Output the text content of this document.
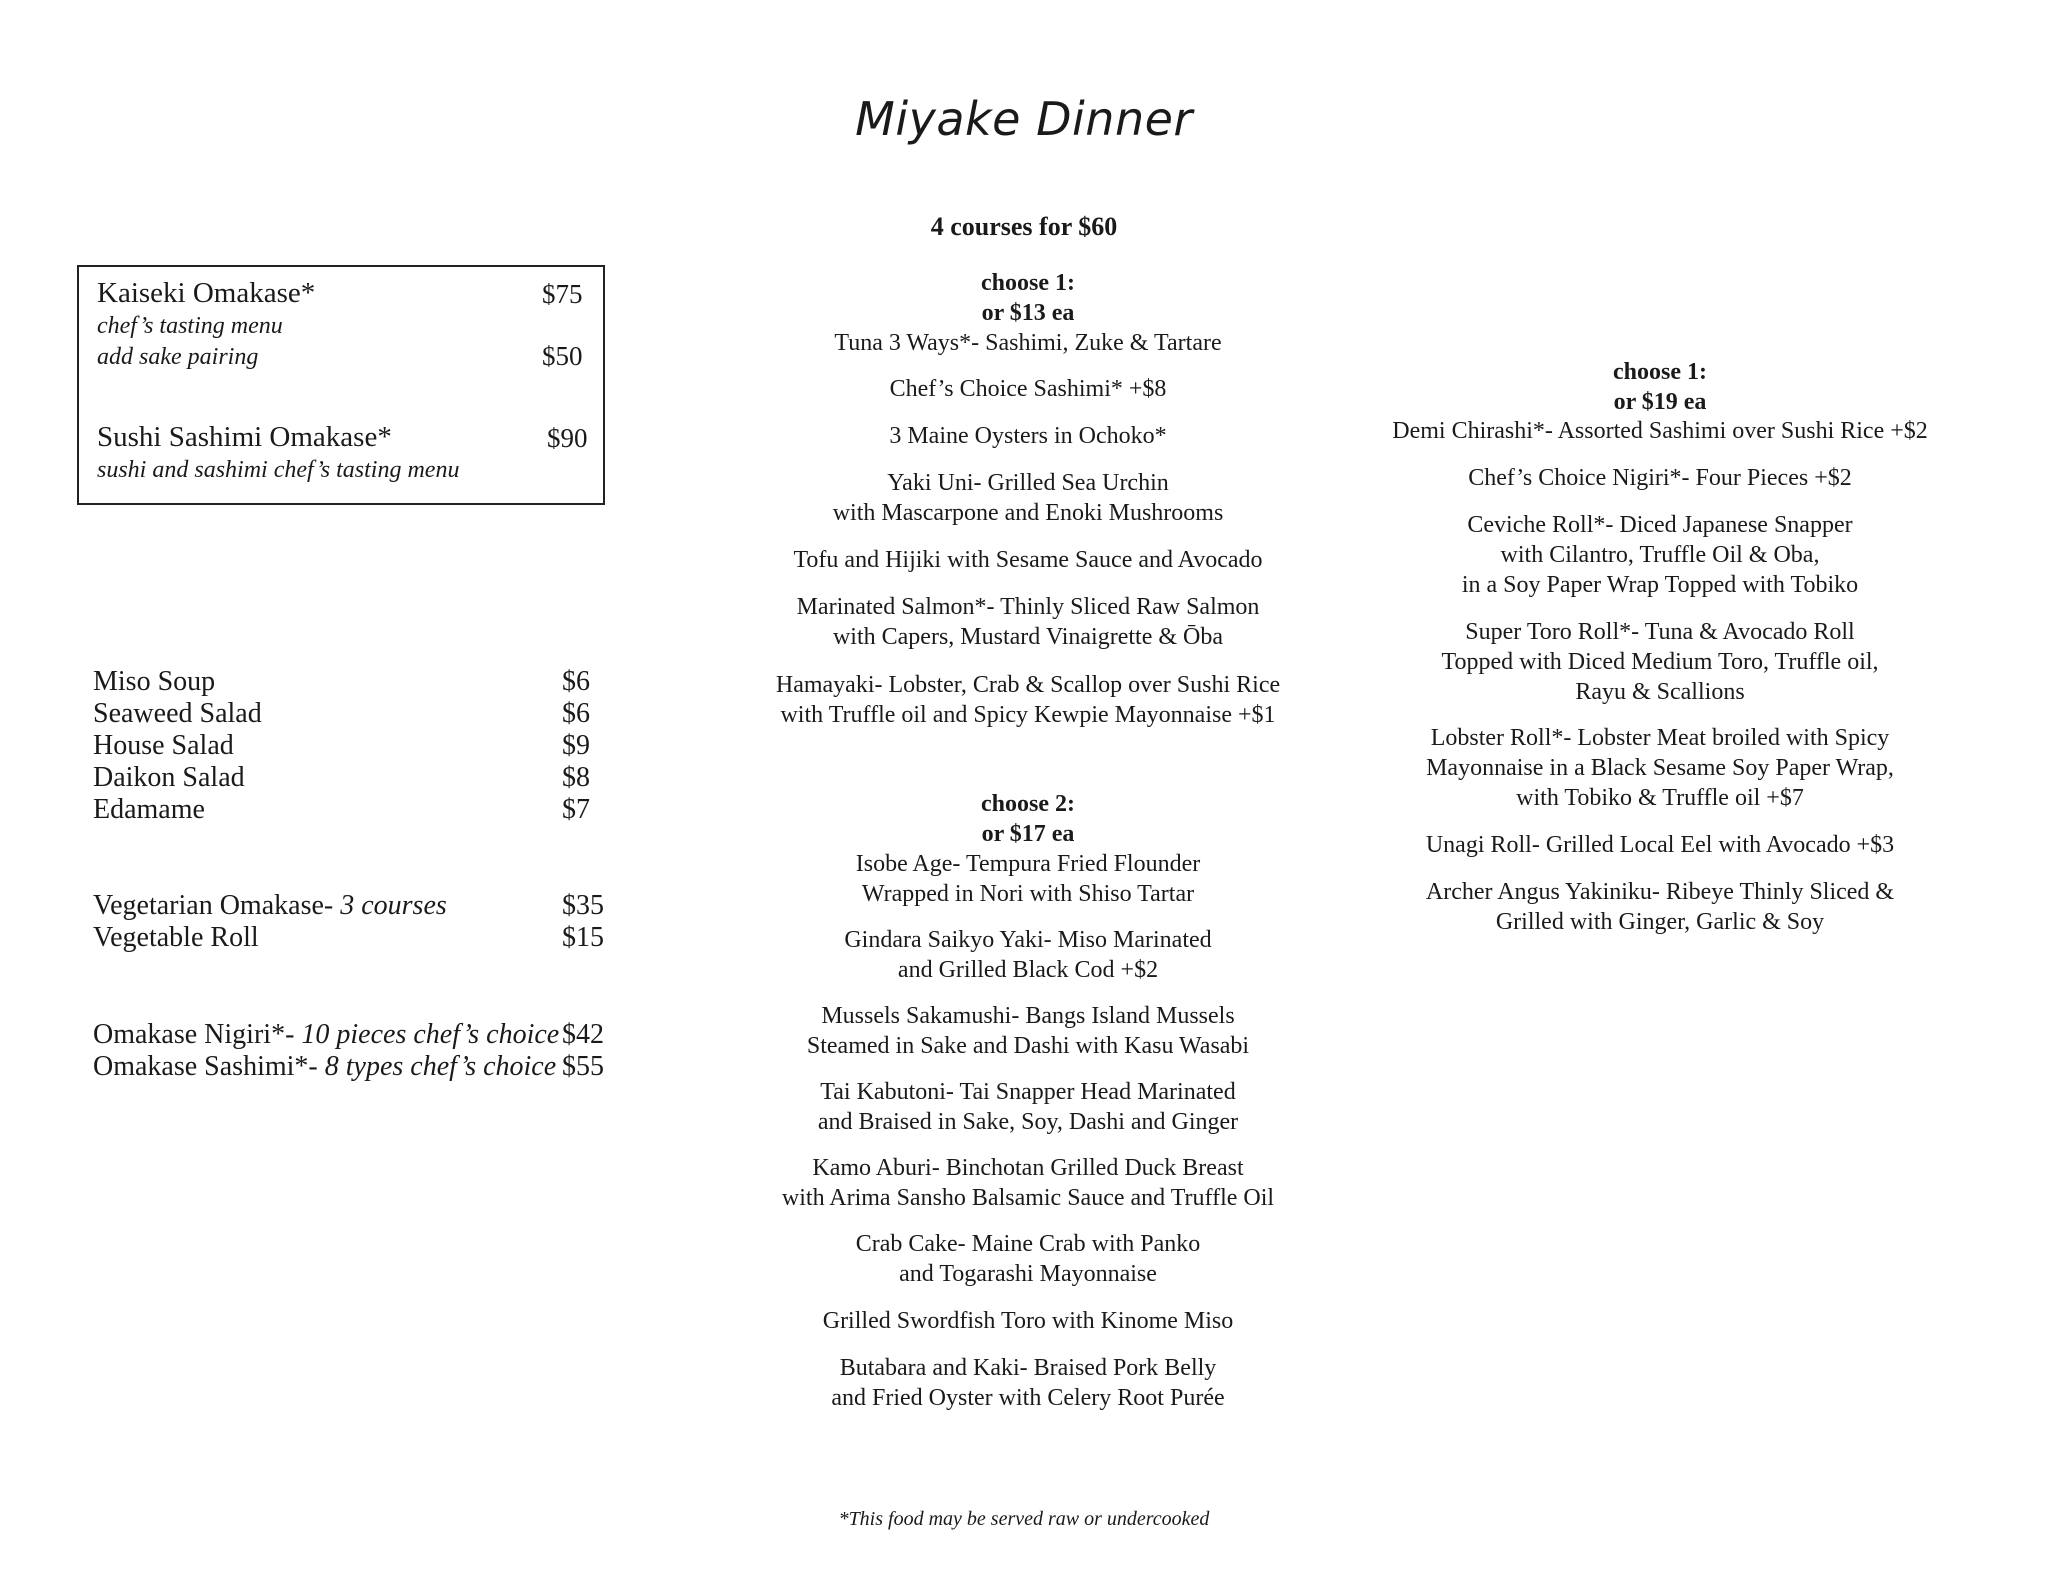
Miyake Dinner
4 courses for $60
Kaiseki Omakase*	$75
chef’s tasting menu
add sake pairing	$50
Sushi Sashimi Omakase*	$90
sushi and sashimi chef’s tasting menu
Miso Soup	$6
Seaweed Salad	$6
House Salad	$9
Daikon Salad	$8
Edamame	$7
Vegetarian Omakase- 3 courses	$35
Vegetable Roll	$15
Omakase Nigiri*- 10 pieces chef’s choice $42
Omakase Sashimi*- 8 types chef’s choice $55
choose 1:
or $13 ea
Tuna 3 Ways*- Sashimi, Zuke & Tartare
Chef’s Choice Sashimi* +$8
3 Maine Oysters in Ochoko*
Yaki Uni- Grilled Sea Urchin
with Mascarpone and Enoki Mushrooms
Tofu and Hijiki with Sesame Sauce and Avocado
Marinated Salmon*- Thinly Sliced Raw Salmon
with Capers, Mustard Vinaigrette & Ōba
Hamayaki- Lobster, Crab & Scallop over Sushi Rice
with Truffle oil and Spicy Kewpie Mayonnaise +$1
choose 2:
or $17 ea
Isobe Age- Tempura Fried Flounder
Wrapped in Nori with Shiso Tartar
Gindara Saikyo Yaki- Miso Marinated
and Grilled Black Cod +$2
Mussels Sakamushi- Bangs Island Mussels
Steamed in Sake and Dashi with Kasu Wasabi
Tai Kabutoni- Tai Snapper Head Marinated
and Braised in Sake, Soy, Dashi and Ginger
Kamo Aburi- Binchotan Grilled Duck Breast
with Arima Sansho Balsamic Sauce and Truffle Oil
Crab Cake- Maine Crab with Panko
and Togarashi Mayonnaise
Grilled Swordfish Toro with Kinome Miso
Butabara and Kaki- Braised Pork Belly
and Fried Oyster with Celery Root Purée
choose 1:
or $19 ea
Demi Chirashi*- Assorted Sashimi over Sushi Rice +$2
Chef’s Choice Nigiri*- Four Pieces +$2
Ceviche Roll*- Diced Japanese Snapper
with Cilantro, Truffle Oil & Oba,
in a Soy Paper Wrap Topped with Tobiko
Super Toro Roll*- Tuna & Avocado Roll
Topped with Diced Medium Toro, Truffle oil,
Rayu & Scallions
Lobster Roll*- Lobster Meat broiled with Spicy
Mayonnaise in a Black Sesame Soy Paper Wrap,
with Tobiko & Truffle oil +$7
Unagi Roll- Grilled Local Eel with Avocado +$3
Archer Angus Yakiniku- Ribeye Thinly Sliced &
Grilled with Ginger, Garlic & Soy
*This food may be served raw or undercooked
